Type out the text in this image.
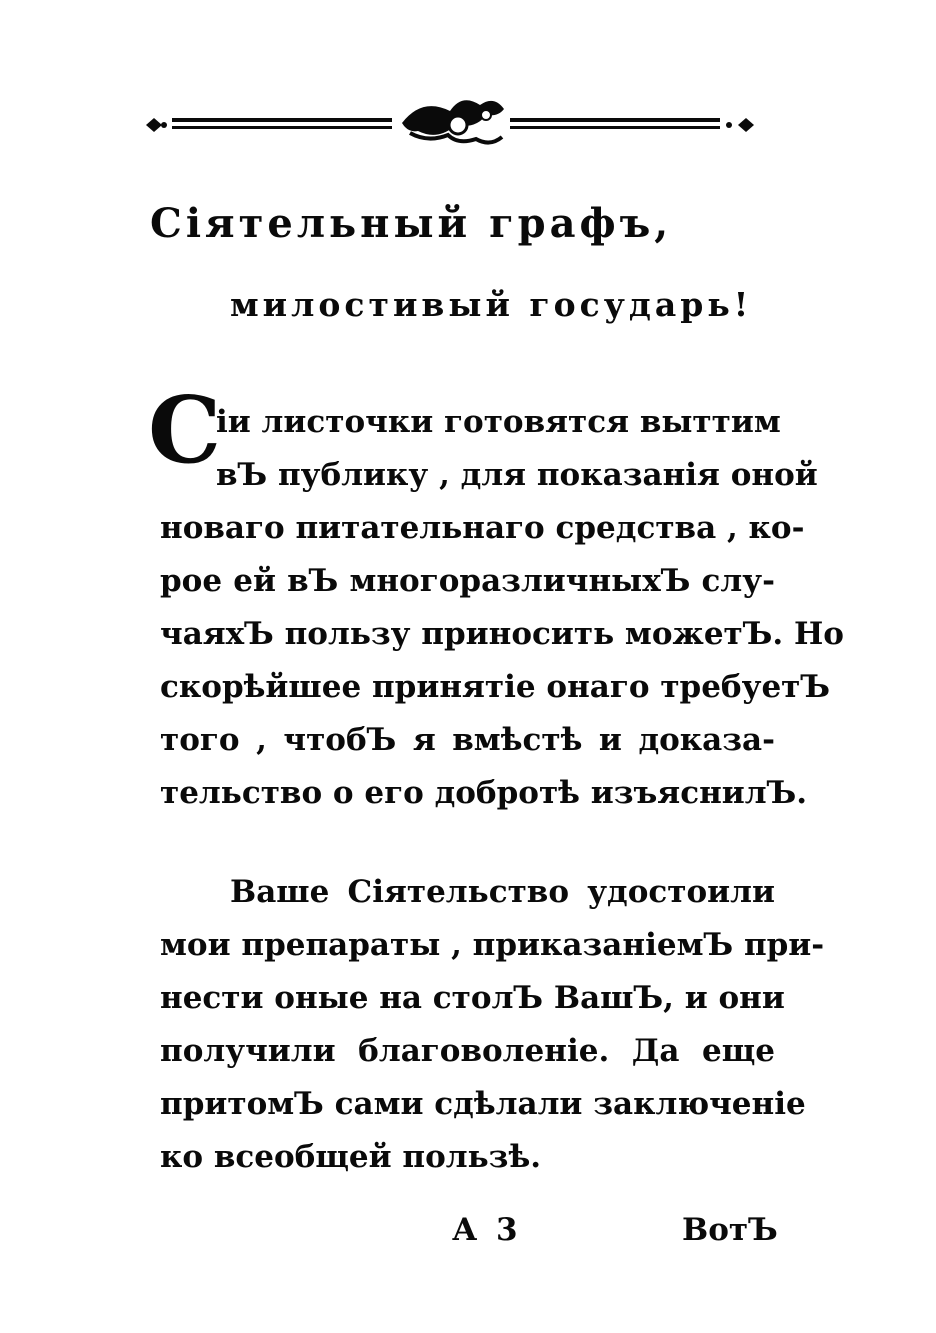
Сіятельный графъ,
милостивый государь!
С
іи листочки готовятся выттим
вЪ публику , для показанія оной
новаго питательнаго средства , ко-
рое ей вЪ многоразличныхЪ слу-
чаяхЪ пользу приносить можетЪ. Но
скорѣйшее принятіе онаго требуетЪ
того , чтобЪ я вмѣстѣ и доказа-
тельство о его добротѣ изъяснилЪ.
Ваше Сіятельство удостоили
мои препараты , приказаніемЪ при-
нести оные на столЪ ВашЪ, и они
получили благоволеніе. Да еще
притомЪ сами сдѣлали заключеніе
ко всеобщей пользѣ.
А 3	ВотЪ
